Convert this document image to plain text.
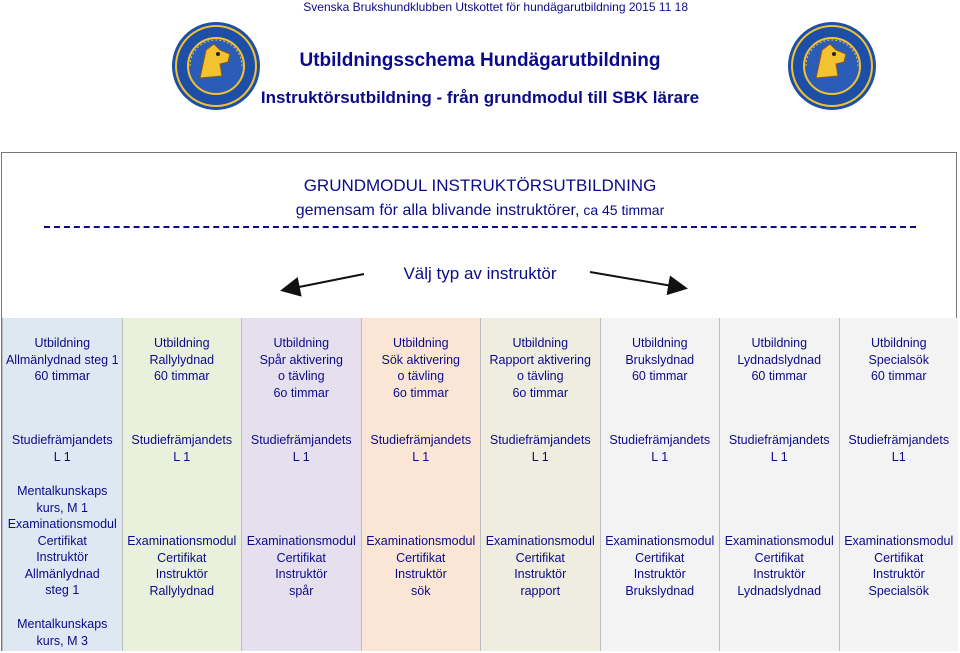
Svenska Brukshundklubben Utskottet för hundägarutbildning 2015 11 18
Utbildningsschema Hundägarutbildning
Instruktörsutbildning - från grundmodul till SBK lärare
GRUNDMODUL INSTRUKTÖRSUTBILDNING
gemensam för alla blivande instruktörer, ca 45 timmar
Välj typ av instruktör
Utbildning
Allmänlydnad steg 1
60 timmar
Studiefrämjandets
L 1
Mentalkunskaps
kurs, M 1
Examinationsmodul
Certifikat
Instruktör
Allmänlydnad
steg 1
Mentalkunskaps
kurs, M 3
Utbildning
Rallylydnad
60 timmar
Studiefrämjandets
L 1
Examinationsmodul
Certifikat
Instruktör
Rallylydnad
Utbildning
Spår aktivering
o tävling
6o timmar
Studiefrämjandets
L 1
Examinationsmodul
Certifikat
Instruktör
spår
Utbildning
Sök aktivering
o tävling
6o timmar
Studiefrämjandets
L 1
Examinationsmodul
Certifikat
Instruktör
sök
Utbildning
Rapport aktivering
o tävling
6o timmar
Studiefrämjandets
L 1
Examinationsmodul
Certifikat
Instruktör
rapport
Utbildning
Brukslydnad
60 timmar
Studiefrämjandets
L 1
Examinationsmodul
Certifikat
Instruktör
Brukslydnad
Utbildning
Lydnadslydnad
60 timmar
Studiefrämjandets
L 1
Examinationsmodul
Certifikat
Instruktör
Lydnadslydnad
Utbildning
Specialsök
60 timmar
Studiefrämjandets
L1
Examinationsmodul
Certifikat
Instruktör
Specialsök
